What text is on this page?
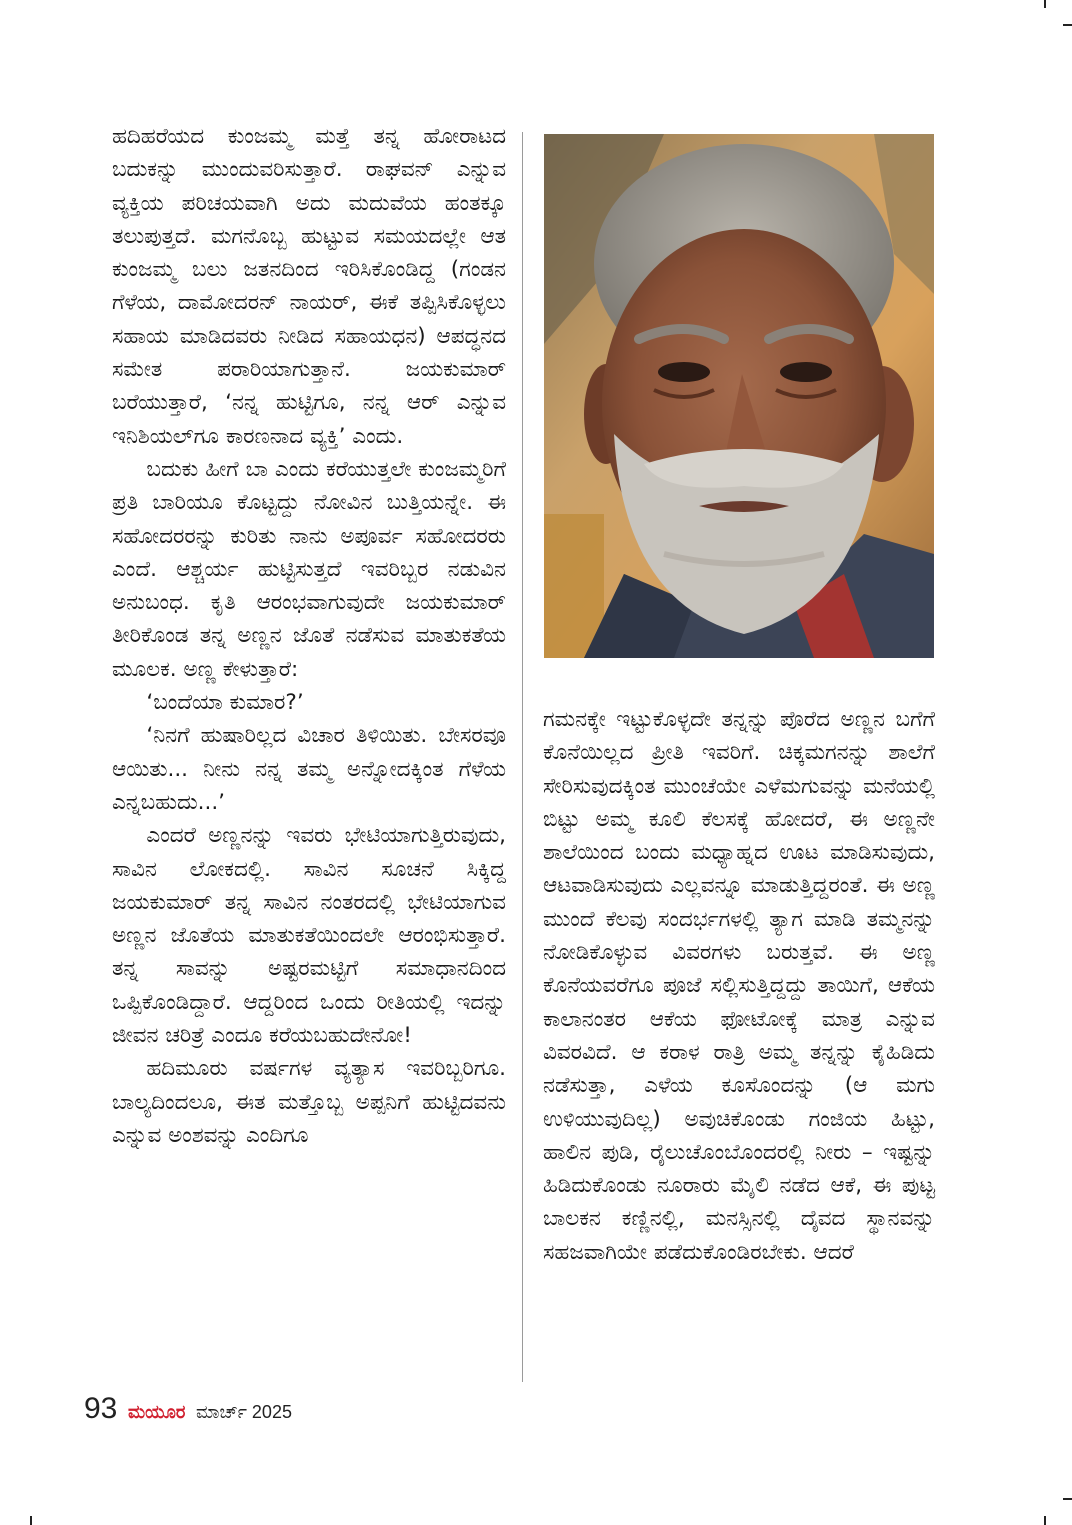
ಹದಿಹರೆಯದ ಕುಂಜಮ್ಮ ಮತ್ತೆ ತನ್ನ ಹೋರಾಟದ ಬದುಕನ್ನು ಮುಂದುವರಿಸುತ್ತಾರೆ. ರಾಘವನ್ ಎನ್ನುವ ವ್ಯಕ್ತಿಯ ಪರಿಚಯವಾಗಿ ಅದು ಮದುವೆಯ ಹಂತಕ್ಕೂ ತಲುಪುತ್ತದೆ. ಮಗನೊಬ್ಬ ಹುಟ್ಟುವ ಸಮಯದಲ್ಲೇ ಆತ ಕುಂಜಮ್ಮ ಬಲು ಜತನದಿಂದ ಇರಿಸಿಕೊಂಡಿದ್ದ (ಗಂಡನ ಗೆಳೆಯ, ದಾಮೋದರನ್ ನಾಯರ್, ಈಕೆ ತಪ್ಪಿಸಿಕೊಳ್ಳಲು ಸಹಾಯ ಮಾಡಿದವರು ನೀಡಿದ ಸಹಾಯಧನ) ಆಪದ್ಧನದ ಸಮೇತ ಪರಾರಿಯಾಗುತ್ತಾನೆ. ಜಯಕುಮಾರ್ ಬರೆಯುತ್ತಾರೆ, ‘ನನ್ನ ಹುಟ್ಟಿಗೂ, ನನ್ನ ಆರ್ ಎನ್ನುವ ಇನಿಶಿಯಲ್‌ಗೂ ಕಾರಣನಾದ ವ್ಯಕ್ತಿ’ ಎಂದು.

ಬದುಕು ಹೀಗೆ ಬಾ ಎಂದು ಕರೆಯುತ್ತಲೇ ಕುಂಜಮ್ಮರಿಗೆ ಪ್ರತಿ ಬಾರಿಯೂ ಕೊಟ್ಟದ್ದು ನೋವಿನ ಬುತ್ತಿಯನ್ನೇ. ಈ ಸಹೋದರರನ್ನು ಕುರಿತು ನಾನು ಅಪೂರ್ವ ಸಹೋದರರು ಎಂದೆ. ಆಶ್ಚರ್ಯ ಹುಟ್ಟಿಸುತ್ತದೆ ಇವರಿಬ್ಬರ ನಡುವಿನ ಅನುಬಂಧ. ಕೃತಿ ಆರಂಭವಾಗುವುದೇ ಜಯಕುಮಾರ್ ತೀರಿಕೊಂಡ ತನ್ನ ಅಣ್ಣನ ಜೊತೆ ನಡೆಸುವ ಮಾತುಕತೆಯ ಮೂಲಕ. ಅಣ್ಣ ಕೇಳುತ್ತಾರೆ:

‘ಬಂದೆಯಾ ಕುಮಾರ?’

‘ನಿನಗೆ ಹುಷಾರಿಲ್ಲದ ವಿಚಾರ ತಿಳಿಯಿತು. ಬೇಸರವೂ ಆಯಿತು... ನೀನು ನನ್ನ ತಮ್ಮ ಅನ್ನೋದಕ್ಕಿಂತ ಗೆಳೆಯ ಎನ್ನಬಹುದು...’

ಎಂದರೆ ಅಣ್ಣನನ್ನು ಇವರು ಭೇಟಿಯಾಗುತ್ತಿರುವುದು, ಸಾವಿನ ಲೋಕದಲ್ಲಿ. ಸಾವಿನ ಸೂಚನೆ ಸಿಕ್ಕಿದ್ದ ಜಯಕುಮಾರ್ ತನ್ನ ಸಾವಿನ ನಂತರದಲ್ಲಿ ಭೇಟಿಯಾಗುವ ಅಣ್ಣನ ಜೊತೆಯ ಮಾತುಕತೆಯಿಂದಲೇ ಆರಂಭಿಸುತ್ತಾರೆ. ತನ್ನ ಸಾವನ್ನು ಅಷ್ಟರಮಟ್ಟಿಗೆ ಸಮಾಧಾನದಿಂದ ಒಪ್ಪಿಕೊಂಡಿದ್ದಾರೆ. ಆದ್ದರಿಂದ ಒಂದು ರೀತಿಯಲ್ಲಿ ಇದನ್ನು ಜೀವನ ಚರಿತ್ರೆ ಎಂದೂ ಕರೆಯಬಹುದೇನೋ!

ಹದಿಮೂರು ವರ್ಷಗಳ ವ್ಯತ್ಯಾಸ ಇವರಿಬ್ಬರಿಗೂ. ಬಾಲ್ಯದಿಂದಲೂ, ಈತ ಮತ್ತೊಬ್ಬ ಅಪ್ಪನಿಗೆ ಹುಟ್ಟಿದವನು ಎನ್ನುವ ಅಂಶವನ್ನು ಎಂದಿಗೂ

ಗಮನಕ್ಕೇ ಇಟ್ಟುಕೊಳ್ಳದೇ ತನ್ನನ್ನು ಪೊರೆದ ಅಣ್ಣನ ಬಗೆಗೆ ಕೊನೆಯಿಲ್ಲದ ಪ್ರೀತಿ ಇವರಿಗೆ. ಚಿಕ್ಕಮಗನನ್ನು ಶಾಲೆಗೆ ಸೇರಿಸುವುದಕ್ಕಿಂತ ಮುಂಚೆಯೇ ಎಳೆಮಗುವನ್ನು ಮನೆಯಲ್ಲಿ ಬಿಟ್ಟು ಅಮ್ಮ ಕೂಲಿ ಕೆಲಸಕ್ಕೆ ಹೋದರೆ, ಈ ಅಣ್ಣನೇ ಶಾಲೆಯಿಂದ ಬಂದು ಮಧ್ಯಾಹ್ನದ ಊಟ ಮಾಡಿಸುವುದು, ಆಟವಾಡಿಸುವುದು ಎಲ್ಲವನ್ನೂ ಮಾಡುತ್ತಿದ್ದರಂತೆ. ಈ ಅಣ್ಣ ಮುಂದೆ ಕೆಲವು ಸಂದರ್ಭಗಳಲ್ಲಿ ತ್ಯಾಗ ಮಾಡಿ ತಮ್ಮನನ್ನು ನೋಡಿಕೊಳ್ಳುವ ವಿವರಗಳು ಬರುತ್ತವೆ. ಈ ಅಣ್ಣ ಕೊನೆಯವರೆಗೂ ಪೂಜೆ ಸಲ್ಲಿಸುತ್ತಿದ್ದದ್ದು ತಾಯಿಗೆ, ಆಕೆಯ ಕಾಲಾನಂತರ ಆಕೆಯ ಫೋಟೋಕ್ಕೆ ಮಾತ್ರ ಎನ್ನುವ ವಿವರವಿದೆ. ಆ ಕರಾಳ ರಾತ್ರಿ ಅಮ್ಮ ತನ್ನನ್ನು ಕೈಹಿಡಿದು ನಡೆಸುತ್ತಾ, ಎಳೆಯ ಕೂಸೊಂದನ್ನು (ಆ ಮಗು ಉಳಿಯುವುದಿಲ್ಲ) ಅವುಚಿಕೊಂಡು ಗಂಜಿಯ ಹಿಟ್ಟು, ಹಾಲಿನ ಪುಡಿ, ರೈಲುಚೊಂಬೊಂದರಲ್ಲಿ ನೀರು – ಇಷ್ಟನ್ನು ಹಿಡಿದುಕೊಂಡು ನೂರಾರು ಮೈಲಿ ನಡೆದ ಆಕೆ, ಈ ಪುಟ್ಟ ಬಾಲಕನ ಕಣ್ಣಿನಲ್ಲಿ, ಮನಸ್ಸಿನಲ್ಲಿ ದೈವದ ಸ್ಥಾನವನ್ನು ಸಹಜವಾಗಿಯೇ ಪಡೆದುಕೊಂಡಿರಬೇಕು. ಆದರೆ

93 ಮಯೂರ ಮಾರ್ಚ್ 2025
